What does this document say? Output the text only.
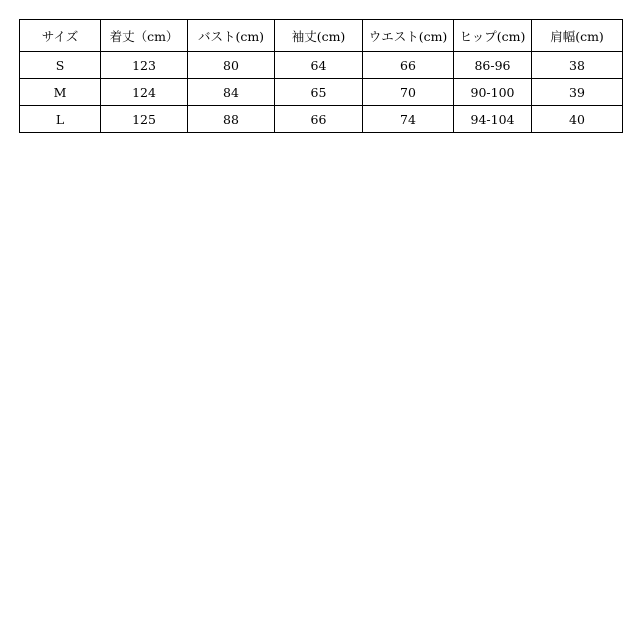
サイズ	着丈（cm）	バスト(cm)	袖丈(cm)	ウエスト(cm)	ヒップ(cm)	肩幅(cm)
S	123	80	64	66	86-96	38
M	124	84	65	70	90-100	39
L	125	88	66	74	94-104	40
